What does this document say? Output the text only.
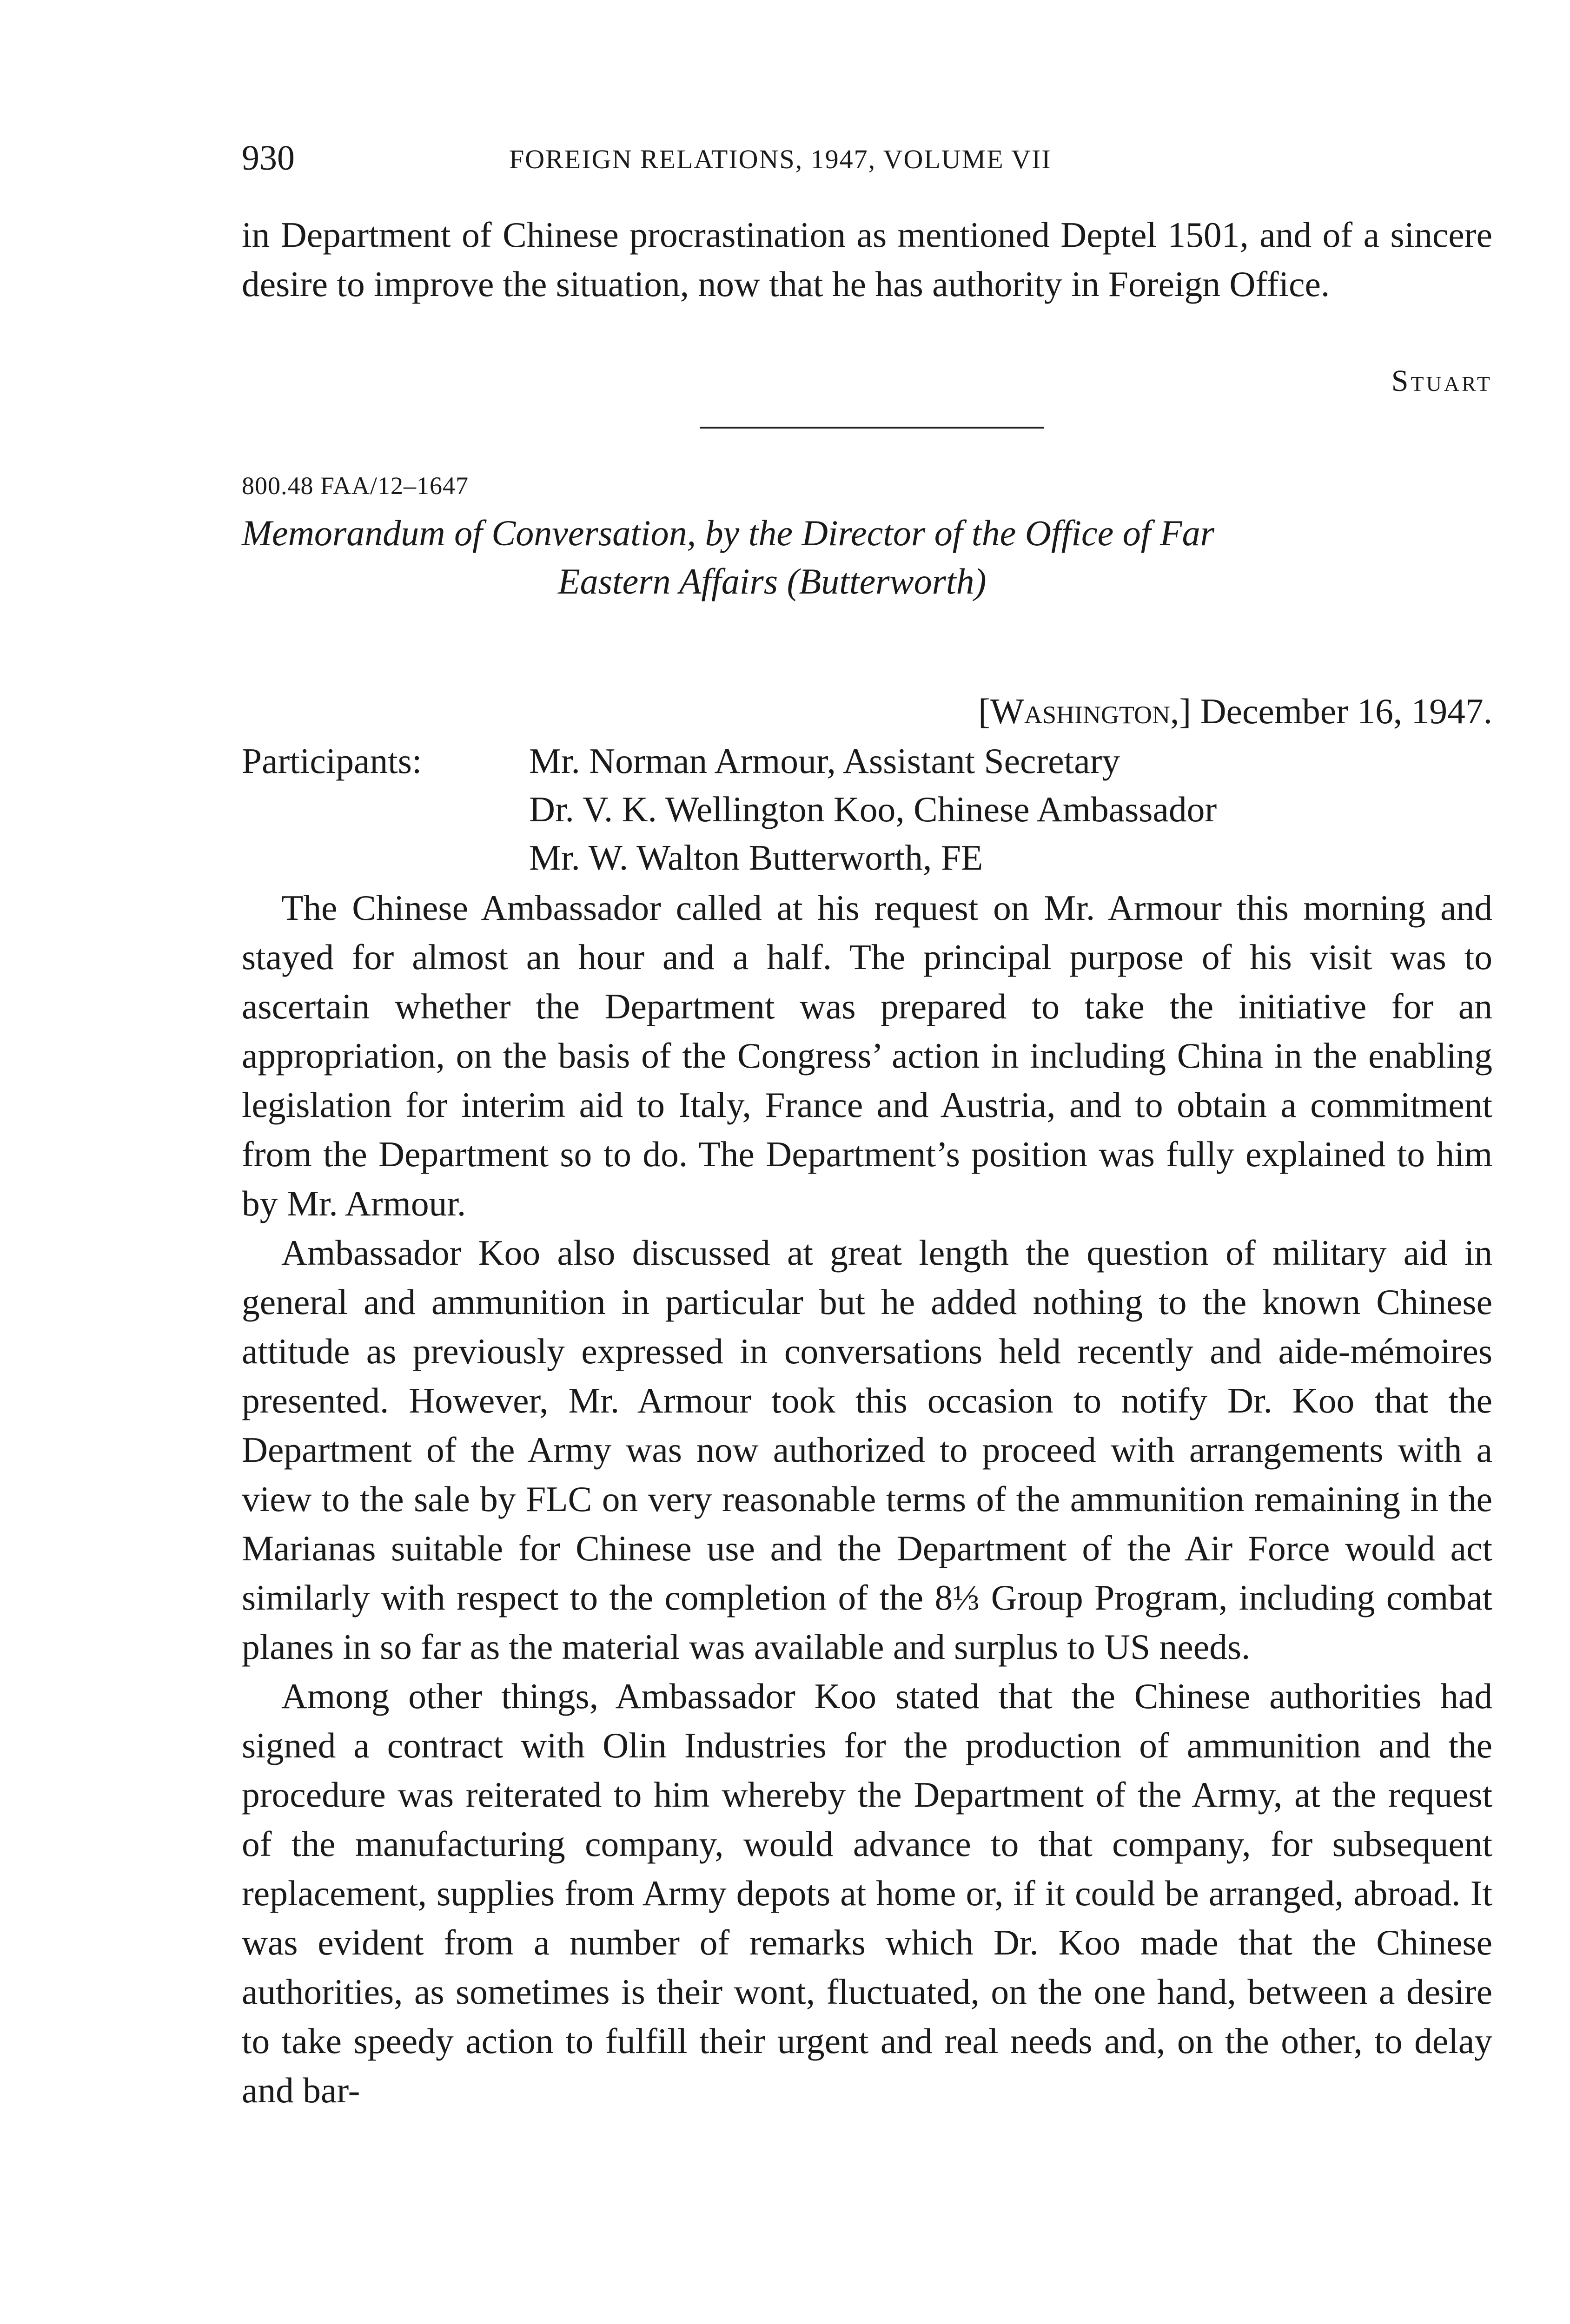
930	FOREIGN RELATIONS, 1947, VOLUME VII

in Department of Chinese procrastination as mentioned Deptel 1501, and of a sincere desire to improve the situation, now that he has authority in Foreign Office.

Stuart
800.48 FAA/12–1647
Memorandum of Conversation, by the Director of the Office of Far
Eastern Affairs (Butterworth)
[Washington,] December 16, 1947.
Participants:	Mr. Norman Armour, Assistant Secretary
Dr. V. K. Wellington Koo, Chinese Ambassador
Mr. W. Walton Butterworth, FE

The Chinese Ambassador called at his request on Mr. Armour this morning and stayed for almost an hour and a half. The principal purpose of his visit was to ascertain whether the Department was prepared to take the initiative for an appropriation, on the basis of the Congress’ action in including China in the enabling legislation for interim aid to Italy, France and Austria, and to obtain a commitment from the Department so to do. The Department’s position was fully explained to him by Mr. Armour.

Ambassador Koo also discussed at great length the question of military aid in general and ammunition in particular but he added nothing to the known Chinese attitude as previously expressed in conversations held recently and aide-mémoires presented. However, Mr. Armour took this occasion to notify Dr. Koo that the Department of the Army was now authorized to proceed with arrangements with a view to the sale by FLC on very reasonable terms of the ammunition remaining in the Marianas suitable for Chinese use and the Department of the Air Force would act similarly with respect to the completion of the 8⅓ Group Program, including combat planes in so far as the material was available and surplus to US needs.

Among other things, Ambassador Koo stated that the Chinese authorities had signed a contract with Olin Industries for the production of ammunition and the procedure was reiterated to him whereby the Department of the Army, at the request of the manufacturing company, would advance to that company, for subsequent replacement, supplies from Army depots at home or, if it could be arranged, abroad. It was evident from a number of remarks which Dr. Koo made that the Chinese authorities, as sometimes is their wont, fluctuated, on the one hand, between a desire to take speedy action to fulfill their urgent and real needs and, on the other, to delay and bar-
